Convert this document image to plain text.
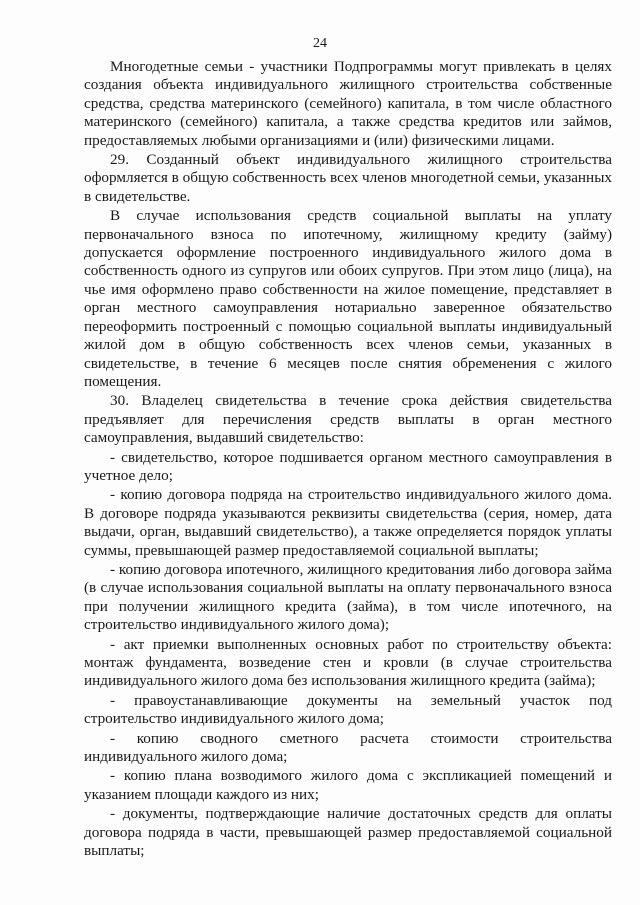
24

Многодетные семьи - участники Подпрограммы могут привлекать в целях создания объекта индивидуального жилищного строительства собственные средства, средства материнского (семейного) капитала, в том числе областного материнского (семейного) капитала, а также средства кредитов или займов, предоставляемых любыми организациями и (или) физическими лицами.

29. Созданный объект индивидуального жилищного строительства оформляется в общую собственность всех членов многодетной семьи, указанных в свидетельстве.

В случае использования средств социальной выплаты на уплату первоначального взноса по ипотечному, жилищному кредиту (займу) допускается оформление построенного индивидуального жилого дома в собственность одного из супругов или обоих супругов. При этом лицо (лица), на чье имя оформлено право собственности на жилое помещение, представляет в орган местного самоуправления нотариально заверенное обязательство переоформить построенный с помощью социальной выплаты индивидуальный жилой дом в общую собственность всех членов семьи, указанных в свидетельстве, в течение 6 месяцев после снятия обременения с жилого помещения.

30. Владелец свидетельства в течение срока действия свидетельства предъявляет для перечисления средств выплаты в орган местного самоуправления, выдавший свидетельство:

- свидетельство, которое подшивается органом местного самоуправления в учетное дело;

- копию договора подряда на строительство индивидуального жилого дома. В договоре подряда указываются реквизиты свидетельства (серия, номер, дата выдачи, орган, выдавший свидетельство), а также определяется порядок уплаты суммы, превышающей размер предоставляемой социальной выплаты;

- копию договора ипотечного, жилищного кредитования либо договора займа (в случае использования социальной выплаты на оплату первоначального взноса при получении жилищного кредита (займа), в том числе ипотечного, на строительство индивидуального жилого дома);

- акт приемки выполненных основных работ по строительству объекта: монтаж фундамента, возведение стен и кровли (в случае строительства индивидуального жилого дома без использования жилищного кредита (займа);

- правоустанавливающие документы на земельный участок под строительство индивидуального жилого дома;

- копию сводного сметного расчета стоимости строительства индивидуального жилого дома;

- копию плана возводимого жилого дома с экспликацией помещений и указанием площади каждого из них;

- документы, подтверждающие наличие достаточных средств для оплаты договора подряда в части, превышающей размер предоставляемой социальной выплаты;
